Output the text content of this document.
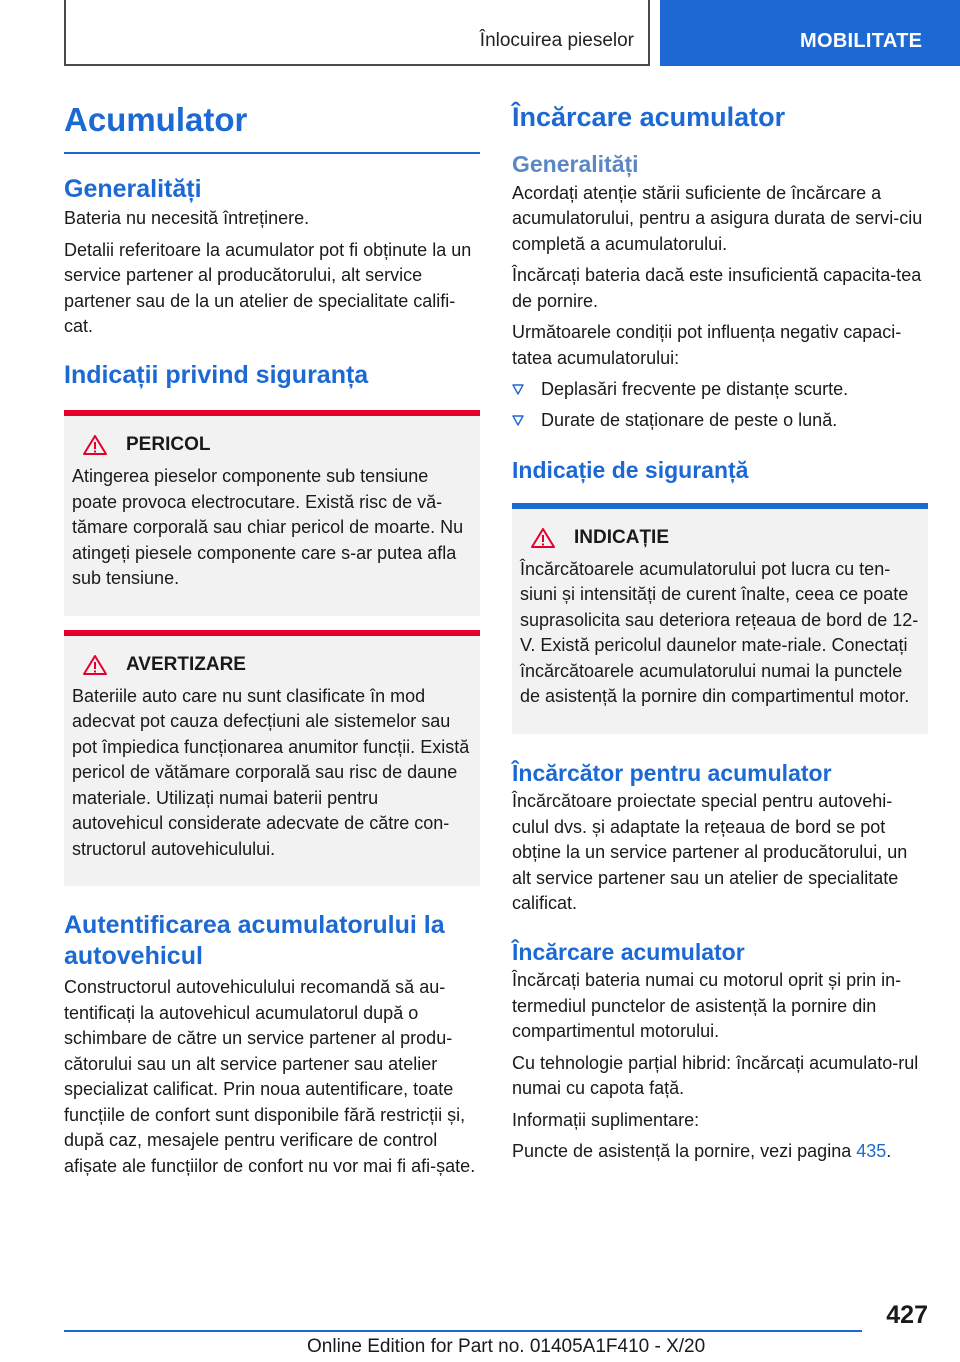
Înlocuirea pieselor	MOBILITATE
Acumulator
Generalități

Bateria nu necesită întreținere.

Detalii referitoare la acumulator pot fi obținute la un service partener al producătorului, alt service partener sau de la un atelier de specialitate califi-cat.

Indicații privind siguranța
PERICOL

Atingerea pieselor componente sub tensiune poate provoca electrocutare. Există risc de vă-tămare corporală sau chiar pericol de moarte. Nu atingeți piesele componente care s-ar putea afla sub tensiune.

AVERTIZARE

Bateriile auto care nu sunt clasificate în mod adecvat pot cauza defecțiuni ale sistemelor sau pot împiedica funcționarea anumitor funcții. Există pericol de vătămare corporală sau risc de daune materiale. Utilizați numai baterii pentru autovehicul considerate adecvate de către con-structorul autovehiculului.

Autentificarea acumulatorului la autovehicul

Constructorul autovehiculului recomandă să au-tentificați la autovehicul acumulatorul după o schimbare de către un service partener al produ-cătorului sau un alt service partener sau atelier specializat calificat. Prin noua autentificare, toate funcțiile de confort sunt disponibile fără restricții și, după caz, mesajele pentru verificare de control afișate ale funcțiilor de confort nu vor mai fi afi-șate.

Încărcare acumulator
Generalități

Acordați atenție stării suficiente de încărcare a acumulatorului, pentru a asigura durata de servi-ciu completă a acumulatorului.

Încărcați bateria dacă este insuficientă capacita-tea de pornire.

Următoarele condiții pot influența negativ capaci-tatea acumulatorului:

Deplasări frecvente pe distanțe scurte.
Durate de staționare de peste o lună.
Indicație de siguranță
INDICAȚIE

Încărcătoarele acumulatorului pot lucra cu ten-siuni și intensități de curent înalte, ceea ce poate suprasolicita sau deteriora rețeaua de bord de 12-V. Există pericolul daunelor mate-riale. Conectați încărcătoarele acumulatorului numai la punctele de asistență la pornire din compartimentul motor.

Încărcător pentru acumulator

Încărcătoare proiectate special pentru autovehi-culul dvs. și adaptate la rețeaua de bord se pot obține la un service partener al producătorului, un alt service partener sau un atelier de specialitate calificat.

Încărcare acumulator

Încărcați bateria numai cu motorul oprit și prin in-termediul punctelor de asistență la pornire din compartimentul motorului.

Cu tehnologie parțial hibrid: încărcați acumulato-rul numai cu capota față.

Informații suplimentare:

Puncte de asistență la pornire, vezi pagina 435.

427
Online Edition for Part no. 01405A1F410 - X/20
